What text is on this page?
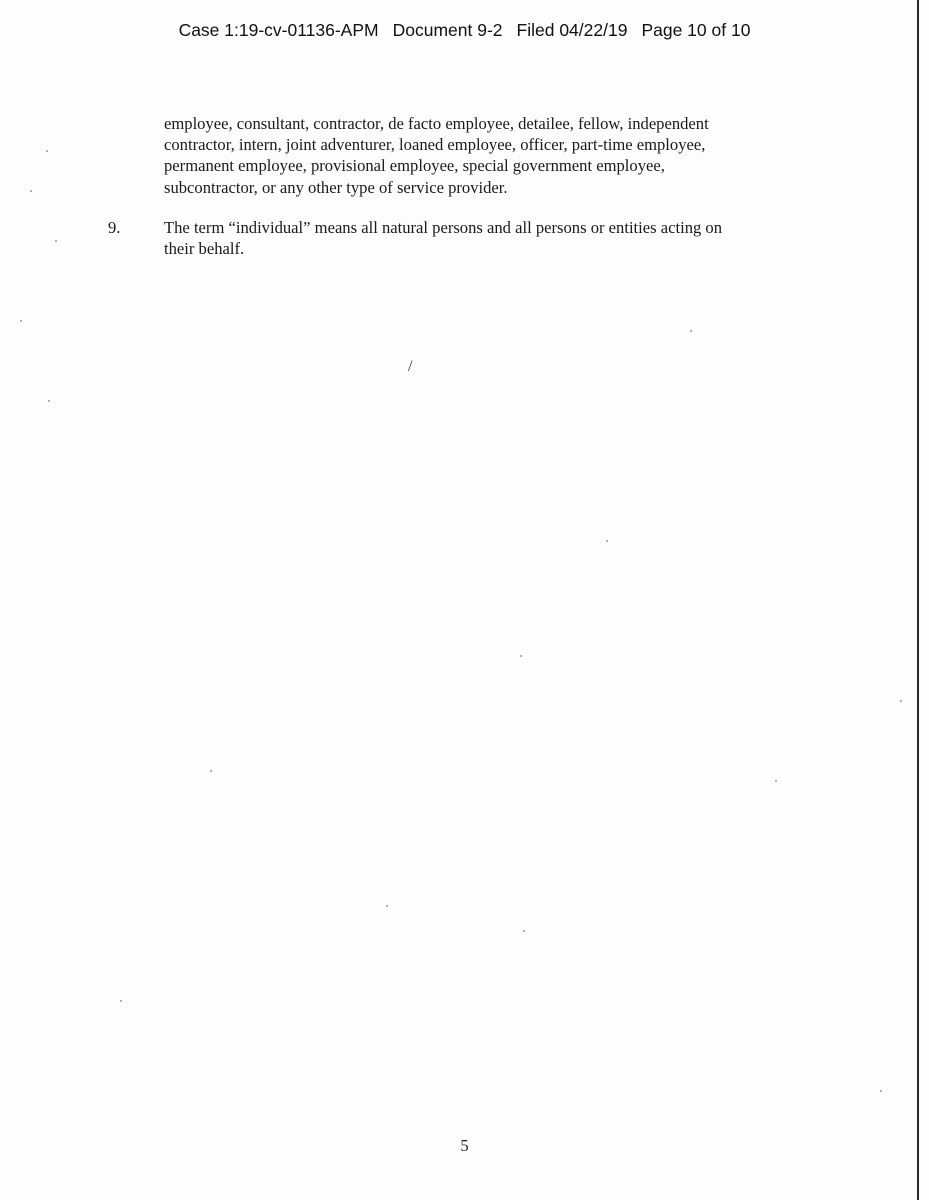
Case 1:19-cv-01136-APM Document 9-2 Filed 04/22/19 Page 10 of 10
employee, consultant, contractor, de facto employee, detailee, fellow, independent
contractor, intern, joint adventurer, loaned employee, officer, part-time employee,
permanent employee, provisional employee, special government employee,
subcontractor, or any other type of service provider.
9.	The term “individual” means all natural persons and all persons or entities acting on
their behalf.
/
5
